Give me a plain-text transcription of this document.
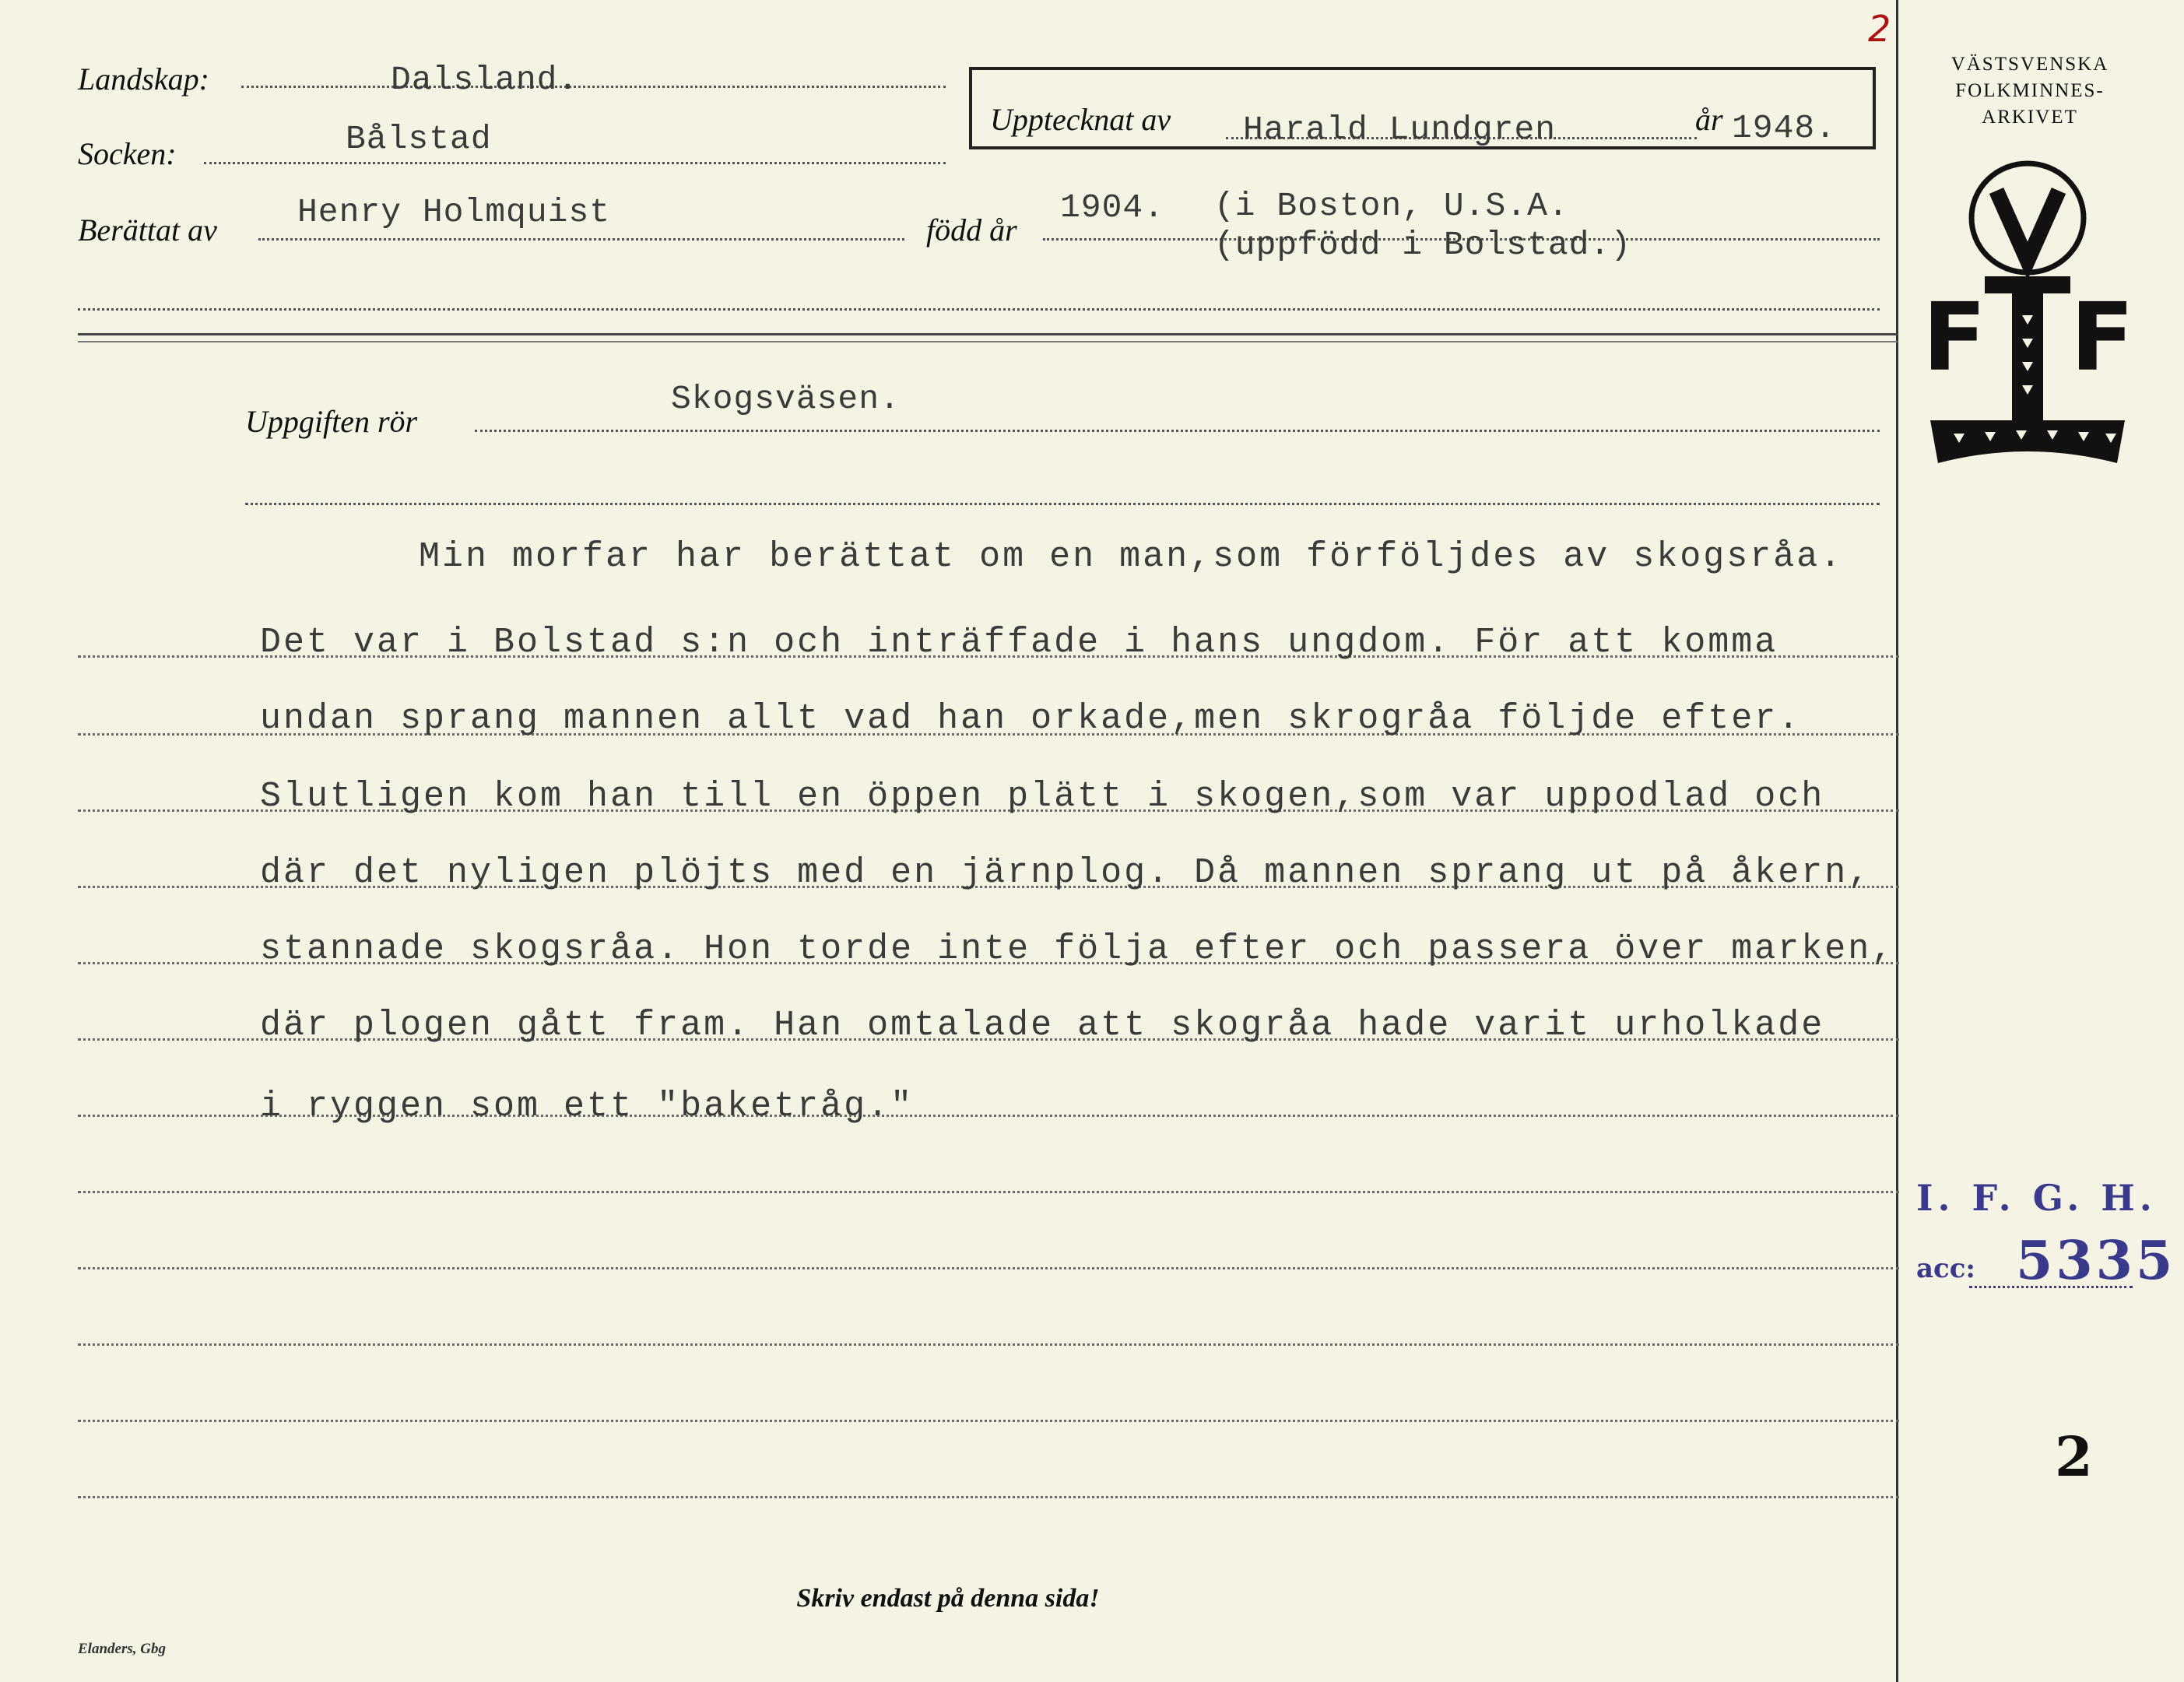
2
Landskap:	Dalsland.
Socken:	Bålstad
Upptecknat av Harald Lundgren	år 1948.
Berättat av Henry Holmquist	född år
1904. (i Boston, U.S.A.
(uppfödd i Bolstad.)
VÄSTSVENSKA
FOLKMINNES-
ARKIVET
F F
Uppgiften rör
Skogsväsen.
Min morfar har berättat om en man,som förföljdes av skogsråa.
Det var i Bolstad s:n och inträffade i hans ungdom. För att komma
undan sprang mannen allt vad han orkade,men skrogråa följde efter.
Slutligen kom han till en öppen plätt i skogen,som var uppodlad och
där det nyligen plöjts med en järnplog. Då mannen sprang ut på åkern,
stannade skogsråa. Hon torde inte följa efter och passera över marken,
där plogen gått fram. Han omtalade att skogråa hade varit urholkade
i ryggen som ett "baketråg."
I. F. G. H.
acc: 5335
2
Skriv endast på denna sida!
Elanders, Gbg
